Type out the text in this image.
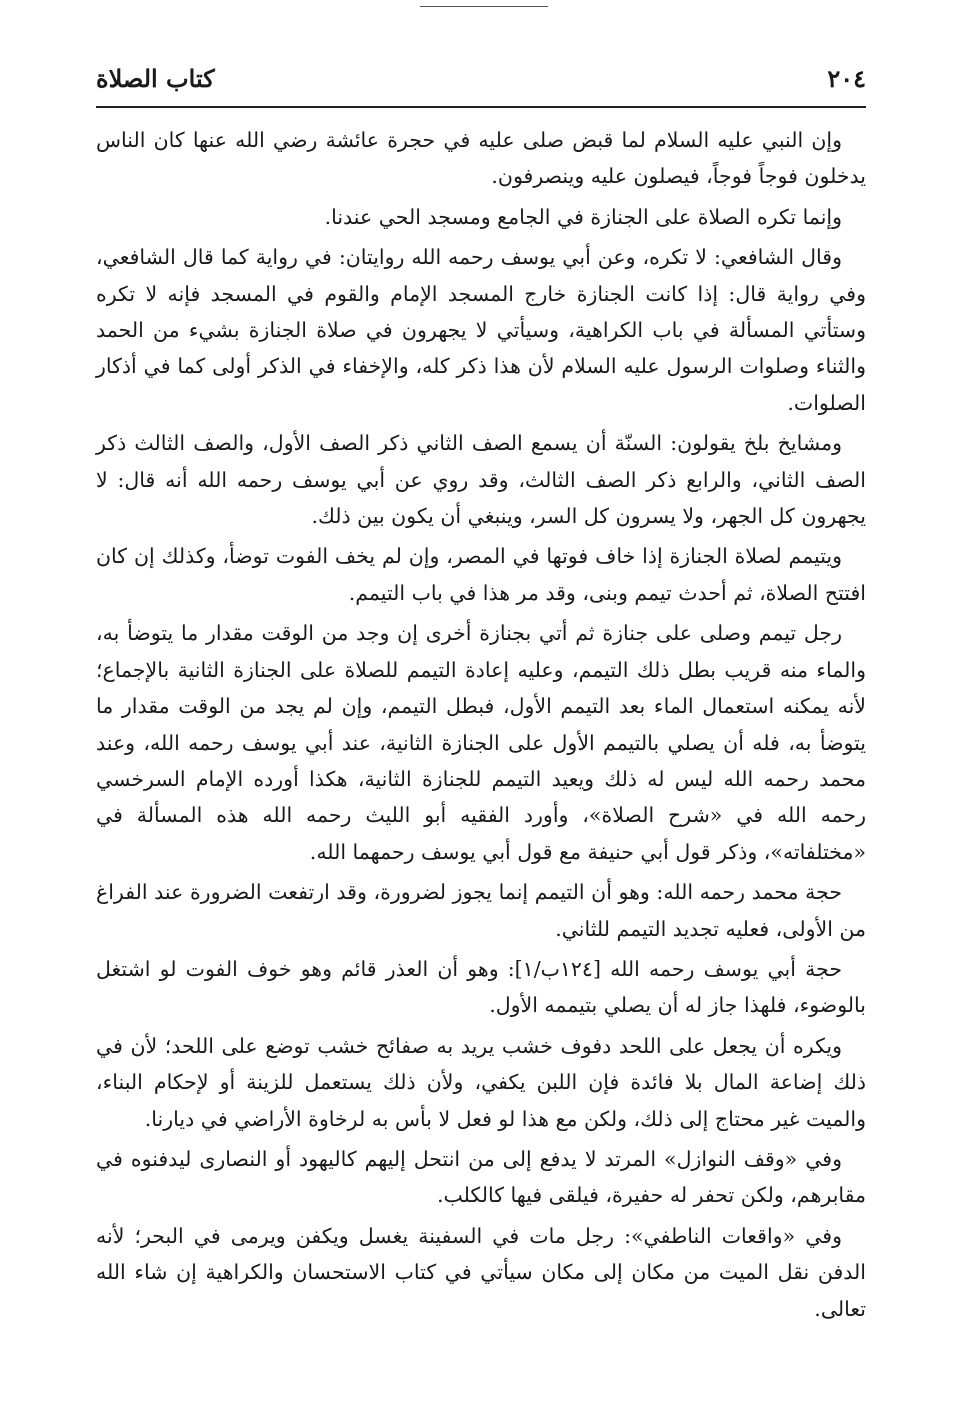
٢٠٤
كتاب الصلاة

وإن النبي عليه السلام لما قبض صلى عليه في حجرة عائشة رضي الله عنها كان الناس يدخلون فوجاً فوجاً، فيصلون عليه وينصرفون.

وإنما تكره الصلاة على الجنازة في الجامع ومسجد الحي عندنا.

وقال الشافعي: لا تكره، وعن أبي يوسف رحمه الله روايتان: في رواية كما قال الشافعي، وفي رواية قال: إذا كانت الجنازة خارج المسجد الإمام والقوم في المسجد فإنه لا تكره وستأتي المسألة في باب الكراهية، وسيأتي لا يجهرون في صلاة الجنازة بشيء من الحمد والثناء وصلوات الرسول عليه السلام لأن هذا ذكر كله، والإخفاء في الذكر أولى كما في أذكار الصلوات.

ومشايخ بلخ يقولون: السنّة أن يسمع الصف الثاني ذكر الصف الأول، والصف الثالث ذكر الصف الثاني، والرابع ذكر الصف الثالث، وقد روي عن أبي يوسف رحمه الله أنه قال: لا يجهرون كل الجهر، ولا يسرون كل السر، وينبغي أن يكون بين ذلك.

ويتيمم لصلاة الجنازة إذا خاف فوتها في المصر، وإن لم يخف الفوت توضأ، وكذلك إن كان افتتح الصلاة، ثم أحدث تيمم وبنى، وقد مر هذا في باب التيمم.

رجل تيمم وصلى على جنازة ثم أتي بجنازة أخرى إن وجد من الوقت مقدار ما يتوضأ به، والماء منه قريب بطل ذلك التيمم، وعليه إعادة التيمم للصلاة على الجنازة الثانية بالإجماع؛ لأنه يمكنه استعمال الماء بعد التيمم الأول، فبطل التيمم، وإن لم يجد من الوقت مقدار ما يتوضأ به، فله أن يصلي بالتيمم الأول على الجنازة الثانية، عند أبي يوسف رحمه الله، وعند محمد رحمه الله ليس له ذلك ويعيد التيمم للجنازة الثانية، هكذا أورده الإمام السرخسي رحمه الله في «شرح الصلاة»، وأورد الفقيه أبو الليث رحمه الله هذه المسألة في «مختلفاته»، وذكر قول أبي حنيفة مع قول أبي يوسف رحمهما الله.

حجة محمد رحمه الله: وهو أن التيمم إنما يجوز لضرورة، وقد ارتفعت الضرورة عند الفراغ من الأولى، فعليه تجديد التيمم للثاني.

حجة أبي يوسف رحمه الله [١٢٤ب/١]: وهو أن العذر قائم وهو خوف الفوت لو اشتغل بالوضوء، فلهذا جاز له أن يصلي بتيممه الأول.

ويكره أن يجعل على اللحد دفوف خشب يريد به صفائح خشب توضع على اللحد؛ لأن في ذلك إضاعة المال بلا فائدة فإن اللبن يكفي، ولأن ذلك يستعمل للزينة أو لإحكام البناء، والميت غير محتاج إلى ذلك، ولكن مع هذا لو فعل لا بأس به لرخاوة الأراضي في ديارنا.

وفي «وقف النوازل» المرتد لا يدفع إلى من انتحل إليهم كاليهود أو النصارى ليدفنوه في مقابرهم، ولكن تحفر له حفيرة، فيلقى فيها كالكلب.

وفي «واقعات الناطفي»: رجل مات في السفينة يغسل ويكفن ويرمى في البحر؛ لأنه الدفن نقل الميت من مكان إلى مكان سيأتي في كتاب الاستحسان والكراهية إن شاء الله تعالى.
